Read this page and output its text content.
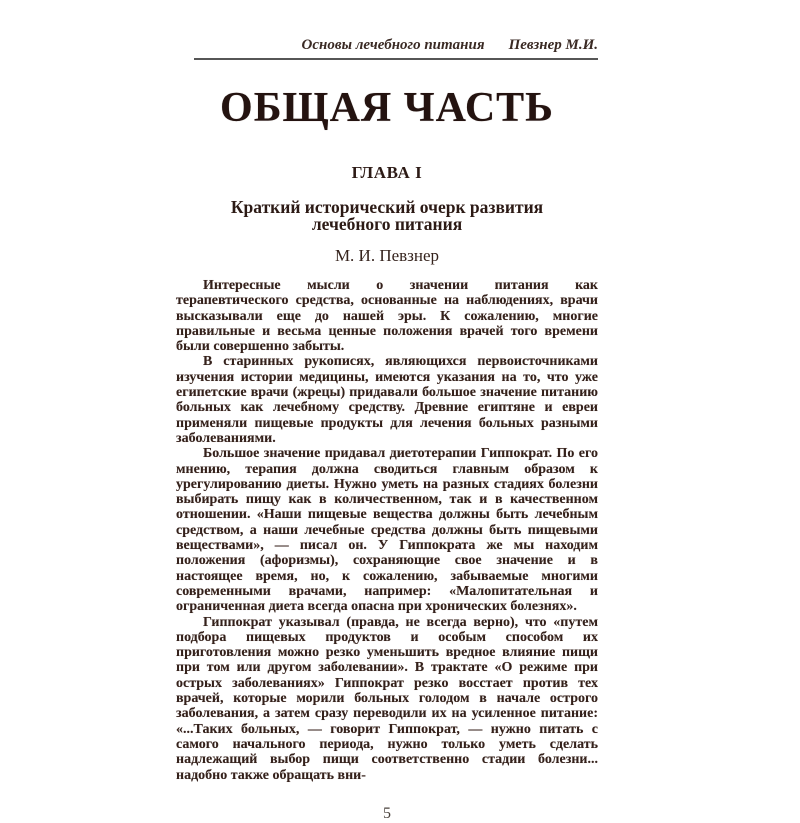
Основы лечебного питания Певзнер М.И.
ОБЩАЯ ЧАСТЬ
ГЛАВА I
Краткий исторический очерк развития лечебного питания
М. И. Певзнер

Интересные мысли о значении питания как терапевтического средства, основанные на наблюдениях, врачи высказывали еще до нашей эры. К сожалению, многие правильные и весьма ценные положения врачей того времени были совершенно забыты.

В старинных рукописях, являющихся первоисточниками изучения истории медицины, имеются указания на то, что уже египетские врачи (жрецы) придавали большое значение питанию больных как лечебному средству. Древние египтяне и евреи применяли пищевые продукты для лечения больных разными заболеваниями.

Большое значение придавал диетотерапии Гиппократ. По его мнению, терапия должна сводиться главным образом к урегулированию диеты. Нужно уметь на разных стадиях болезни выбирать пищу как в количественном, так и в качественном отношении. «Наши пищевые вещества должны быть лечебным средством, а наши лечебные средства должны быть пищевыми веществами», — писал он. У Гиппократа же мы находим положения (афоризмы), сохраняющие свое значение и в настоящее время, но, к сожалению, забываемые многими современными врачами, например: «Малопитательная и ограниченная диета всегда опасна при хронических болезнях».

Гиппократ указывал (правда, не всегда верно), что «путем подбора пищевых продуктов и особым способом их приготовления можно резко уменьшить вредное влияние пищи при том или другом заболевании». В трактате «О режиме при острых заболеваниях» Гиппократ резко восстает против тех врачей, которые морили больных голодом в начале острого заболевания, а затем сразу переводили их на усиленное питание: «...Таких больных, — говорит Гиппократ, — нужно питать с самого начального периода, нужно только уметь сделать надлежащий выбор пищи соответственно стадии болезни... надобно также обращать вни-

5
